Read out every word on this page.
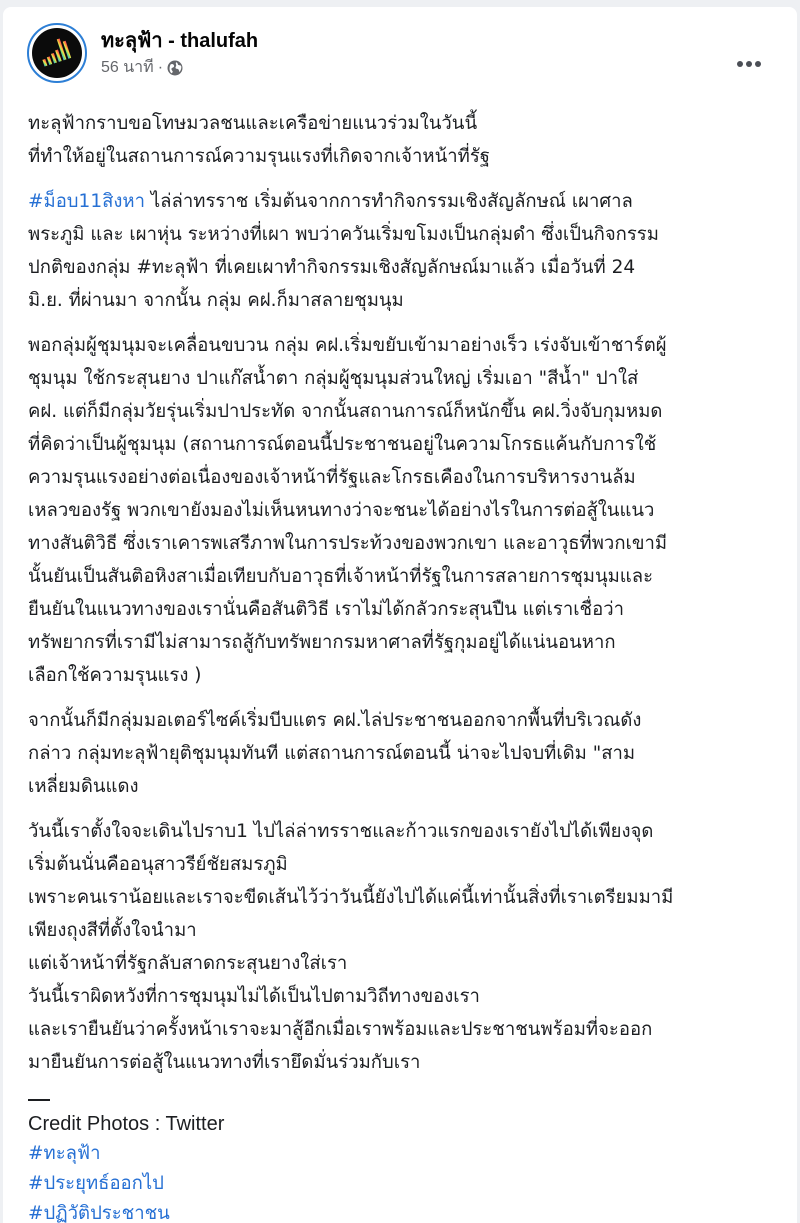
ทะลุฟ้า - thalufah
56 นาที ·
ทะลุฟ้ากราบขอโทษมวลชนและเครือข่ายแนวร่วมในวันนี้
ที่ทำให้อยู่ในสถานการณ์ความรุนแรงที่เกิดจากเจ้าหน้าที่รัฐ
#ม็อบ11สิงหา ไล่ล่าทรราช เริ่มต้นจากการทำกิจกรรมเชิงสัญลักษณ์ เผาศาล
พระภูมิ และ เผาหุ่น ระหว่างที่เผา พบว่าควันเริ่มขโมงเป็นกลุ่มดำ ซึ่งเป็นกิจกรรม
ปกติของกลุ่ม #ทะลุฟ้า ที่เคยเผาทำกิจกรรมเชิงสัญลักษณ์มาแล้ว เมื่อวันที่ 24
มิ.ย. ที่ผ่านมา จากนั้น กลุ่ม คฝ.ก็มาสลายชุมนุม
พอกลุ่มผู้ชุมนุมจะเคลื่อนขบวน กลุ่ม คฝ.เริ่มขยับเข้ามาอย่างเร็ว เร่งจับเข้าชาร์ตผู้
ชุมนุม ใช้กระสุนยาง ปาแก๊สน้ำตา กลุ่มผู้ชุมนุมส่วนใหญ่ เริ่มเอา "สีน้ำ" ปาใส่
คฝ. แต่ก็มีกลุ่มวัยรุ่นเริ่มปาประทัด จากนั้นสถานการณ์ก็หนักขึ้น คฝ.วิ่งจับกุมหมด
ที่คิดว่าเป็นผู้ชุมนุม (สถานการณ์ตอนนี้ประชาชนอยู่ในความโกรธแค้นกับการใช้
ความรุนแรงอย่างต่อเนื่องของเจ้าหน้าที่รัฐและโกรธเคืองในการบริหารงานล้ม
เหลวของรัฐ พวกเขายังมองไม่เห็นหนทางว่าจะชนะได้อย่างไรในการต่อสู้ในแนว
ทางสันติวิธี ซึ่งเราเคารพเสรีภาพในการประท้วงของพวกเขา และอาวุธที่พวกเขามี
นั้นยันเป็นสันติอหิงสาเมื่อเทียบกับอาวุธที่เจ้าหน้าที่รัฐในการสลายการชุมนุมและ
ยืนยันในแนวทางของเรานั่นคือสันติวิธี เราไม่ได้กลัวกระสุนปืน แต่เราเชื่อว่า
ทรัพยากรที่เรามีไม่สามารถสู้กับทรัพยากรมหาศาลที่รัฐกุมอยู่ได้แน่นอนหาก
เลือกใช้ความรุนแรง )
จากนั้นก็มีกลุ่มมอเตอร์ไซค์เริ่มบีบแตร คฝ.ไล่ประชาชนออกจากพื้นที่บริเวณดัง
กล่าว กลุ่มทะลุฟ้ายุติชุมนุมทันที แต่สถานการณ์ตอนนี้ น่าจะไปจบที่เดิม "สาม
เหลี่ยมดินแดง
วันนี้เราตั้งใจจะเดินไปราบ1 ไปไล่ล่าทรราชและก้าวแรกของเรายังไปได้เพียงจุด
เริ่มต้นนั่นคืออนุสาวรีย์ชัยสมรภูมิ
เพราะคนเราน้อยและเราจะขีดเส้นไว้ว่าวันนี้ยังไปได้แค่นี้เท่านั้นสิ่งที่เราเตรียมมามี
เพียงถุงสีที่ตั้งใจนำมา
แต่เจ้าหน้าที่รัฐกลับสาดกระสุนยางใส่เรา
วันนี้เราผิดหวังที่การชุมนุมไม่ได้เป็นไปตามวิถีทางของเรา
และเรายืนยันว่าครั้งหน้าเราจะมาสู้อีกเมื่อเราพร้อมและประชาชนพร้อมที่จะออก
มายืนยันการต่อสู้ในแนวทางที่เรายึดมั่นร่วมกับเรา
Credit Photos : Twitter
#ทะลุฟ้า
#ประยุทธ์ออกไป
#ปฏิวัติประชาชน
